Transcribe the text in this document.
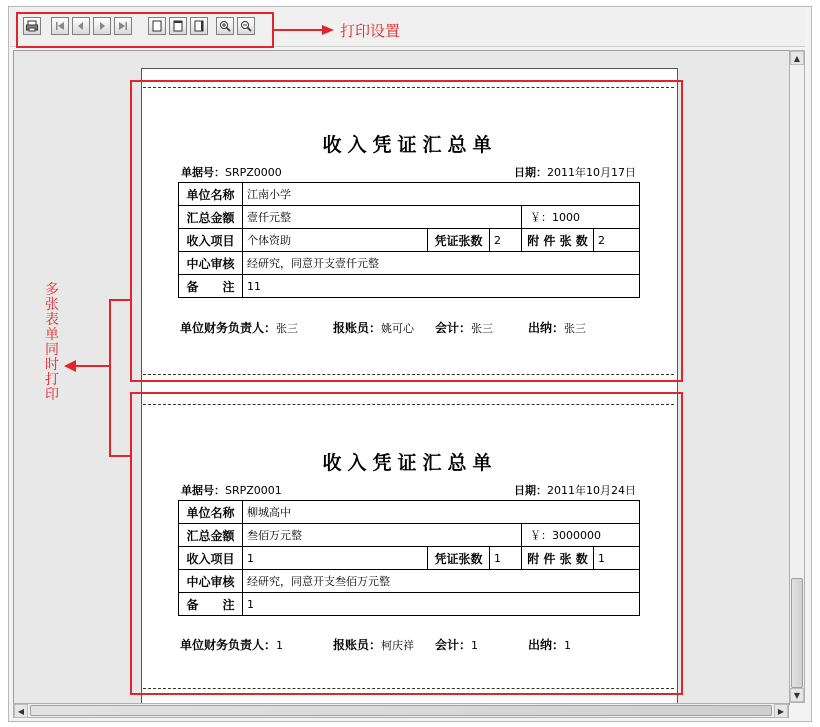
打印设置
▲
▼
◀	▶
多张表单同时打印
收入凭证汇总单
单据号：SRPZ0000	日期：2011年10月17日
单位名称	江南小学				
汇总金额	壹仟元整			￥：1000	
收入项目	个体资助	凭证张数	2	附 件 张 数	2
中心审核	经研究，同意开支壹仟元整				
备　　注	11				
单位财务负责人：张三	报账员：姚可心 会计：张三	出纳：张三
收入凭证汇总单
单据号：SRPZ0001	日期：2011年10月24日
单位名称	柳城高中				
汇总金额	叁佰万元整			￥：3000000	
收入项目	1	凭证张数	1	附 件 张 数	1
中心审核	经研究，同意开支叁佰万元整				
备　　注	1				
单位财务负责人：1	报账员：柯庆祥 会计：1	出纳：1
